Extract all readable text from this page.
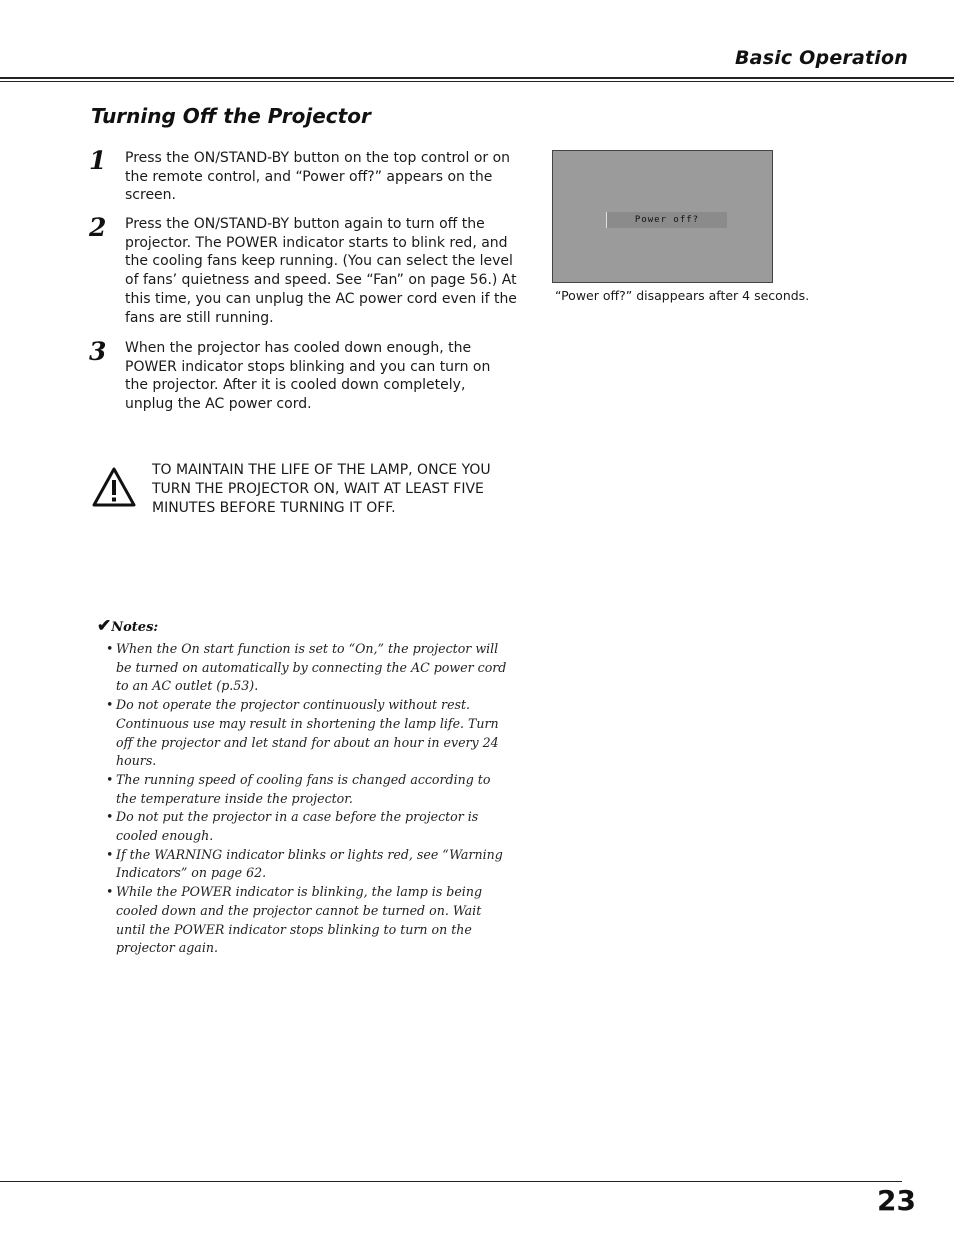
Basic Operation
Turning Off the Projector
1 Press the ON/STAND-BY button on the top control or on the remote control, and “Power off?” appears on the screen.
2 Press the ON/STAND-BY button again to turn off the projector. The POWER indicator starts to blink red, and the cooling fans keep running. (You can select the level of fans’ quietness and speed. See “Fan” on page 56.) At this time, you can unplug the AC power cord even if the fans are still running.
3 When the projector has cooled down enough, the POWER indicator stops blinking and you can turn on the projector. After it is cooled down completely, unplug the AC power cord.
Power off?
“Power off?” disappears after 4 seconds.
TO MAINTAIN THE LIFE OF THE LAMP, ONCE YOU TURN THE PROJECTOR ON, WAIT AT LEAST FIVE MINUTES BEFORE TURNING IT OFF.
✔Notes:
• When the On start function is set to “On,” the projector will be turned on automatically by connecting the AC power cord to an AC outlet (p.53).
• Do not operate the projector continuously without rest. Continuous use may result in shortening the lamp life. Turn off the projector and let stand for about an hour in every 24 hours.
• The running speed of cooling fans is changed according to the temperature inside the projector.
• Do not put the projector in a case before the projector is cooled enough.
• If the WARNING indicator blinks or lights red, see “Warning Indicators” on page 62.
• While the POWER indicator is blinking, the lamp is being cooled down and the projector cannot be turned on. Wait until the POWER indicator stops blinking to turn on the projector again.
23
